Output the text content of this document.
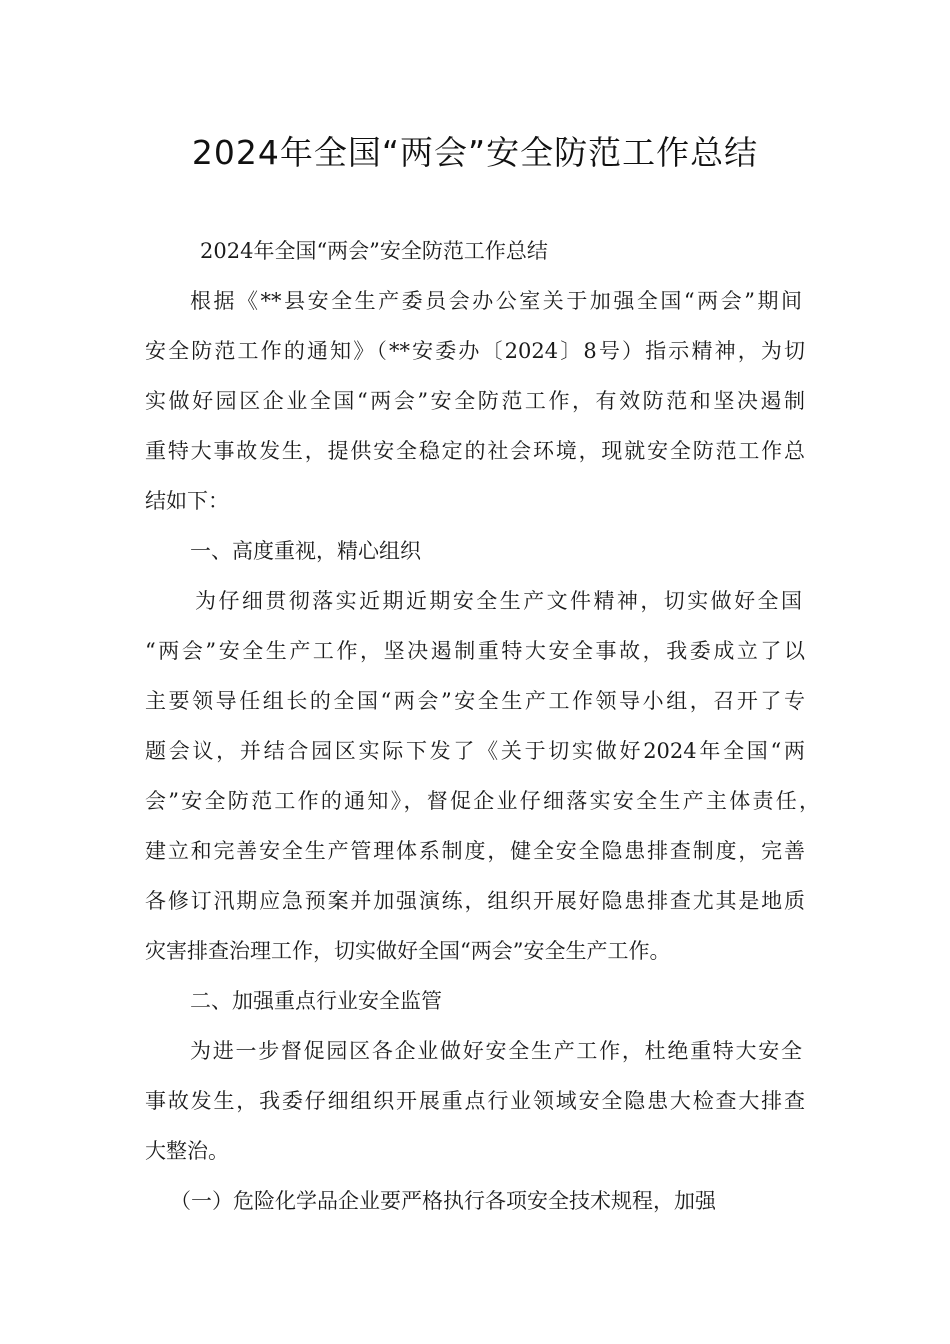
2024年全国“两会”安全防范工作总结
2024年全国“两会”安全防范工作总结
根据《**县安全生产委员会办公室关于加强全国“两会”期间
安全防范工作的通知》（**安委办〔2024〕8号）指示精神，为切
实做好园区企业全国“两会”安全防范工作，有效防范和坚决遏制
重特大事故发生，提供安全稳定的社会环境，现就安全防范工作总
结如下：
一、高度重视，精心组织
为仔细贯彻落实近期近期安全生产文件精神，切实做好全国
“两会”安全生产工作，坚决遏制重特大安全事故，我委成立了以
主要领导任组长的全国“两会”安全生产工作领导小组，召开了专
题会议，并结合园区实际下发了《关于切实做好2024年全国“两
会”安全防范工作的通知》，督促企业仔细落实安全生产主体责任，
建立和完善安全生产管理体系制度，健全安全隐患排查制度，完善
各修订汛期应急预案并加强演练，组织开展好隐患排查尤其是地质
灾害排查治理工作，切实做好全国“两会”安全生产工作。
二、加强重点行业安全监管
为进一步督促园区各企业做好安全生产工作，杜绝重特大安全
事故发生，我委仔细组织开展重点行业领域安全隐患大检查大排查
大整治。
（一）危险化学品企业要严格执行各项安全技术规程，加强
